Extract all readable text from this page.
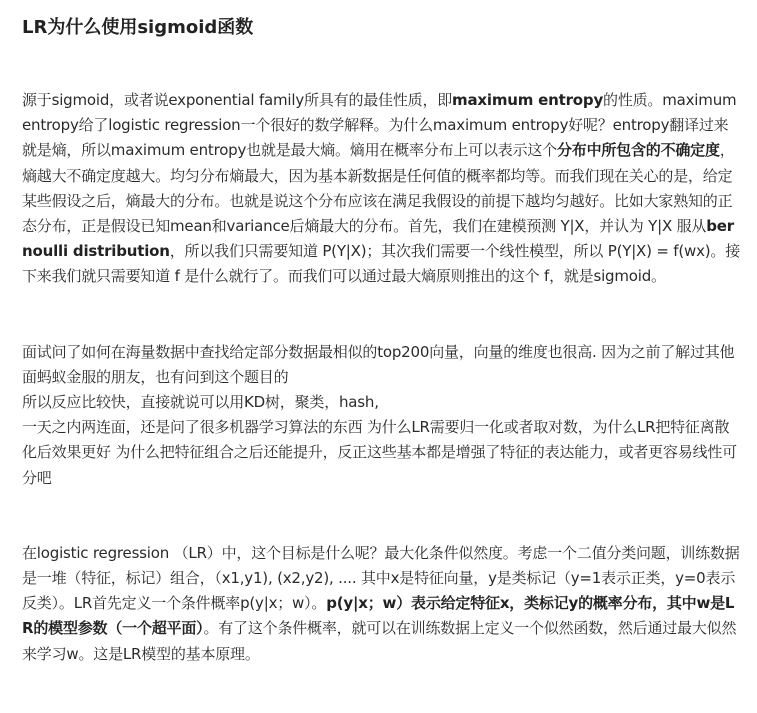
LR为什么使用sigmoid函数

源于sigmoid，或者说exponential family所具有的最佳性质，即maximum entropy的性质。maximum entropy给了logistic regression一个很好的数学解释。为什么maximum entropy好呢？entropy翻译过来就是熵，所以maximum entropy也就是最大熵。熵用在概率分布上可以表示这个分布中所包含的不确定度，熵越大不确定度越大。均匀分布熵最大，因为基本新数据是任何值的概率都均等。而我们现在关心的是，给定某些假设之后，熵最大的分布。也就是说这个分布应该在满足我假设的前提下越均匀越好。比如大家熟知的正态分布，正是假设已知mean和variance后熵最大的分布。首先，我们在建模预测 Y|X，并认为 Y|X 服从bernoulli distribution，所以我们只需要知道 P(Y|X)；其次我们需要一个线性模型，所以 P(Y|X) = f(wx)。接下来我们就只需要知道 f 是什么就行了。而我们可以通过最大熵原则推出的这个 f，就是sigmoid。

面试问了如何在海量数据中查找给定部分数据最相似的top200向量，向量的维度也很高. 因为之前了解过其他面蚂蚁金服的朋友，也有问到这个题目的
所以反应比较快，直接就说可以用KD树，聚类，hash,
一天之内两连面，还是问了很多机器学习算法的东西 为什么LR需要归一化或者取对数，为什么LR把特征离散化后效果更好 为什么把特征组合之后还能提升，反正这些基本都是增强了特征的表达能力，或者更容易线性可分吧

在logistic regression （LR）中，这个目标是什么呢？最大化条件似然度。考虑一个二值分类问题，训练数据是一堆（特征，标记）组合，（x1,y1), (x2,y2), .... 其中x是特征向量，y是类标记（y=1表示正类，y=0表示反类）。LR首先定义一个条件概率p(y|x；w）。p(y|x；w）表示给定特征x，类标记y的概率分布，其中w是LR的模型参数（一个超平面）。有了这个条件概率，就可以在训练数据上定义一个似然函数，然后通过最大似然来学习w。这是LR模型的基本原理。
